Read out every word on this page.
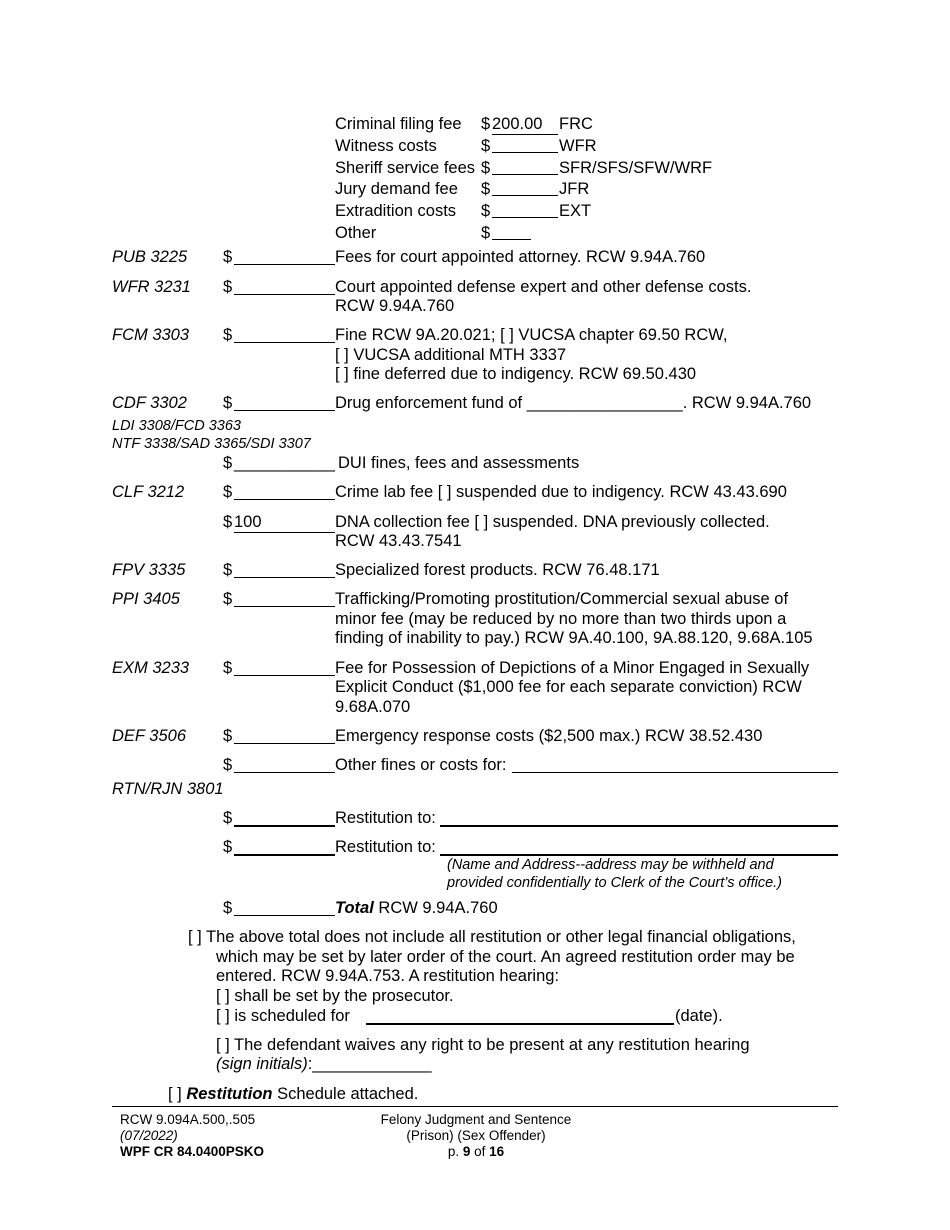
Criminal filing fee $ 200.00	FRC
Witness costs	$	WFR
Sheriff service fees $	SFR/SFS/SFW/WRF
Jury demand fee $	JFR
Extradition costs $	EXT
Other	$
PUB 3225 $	Fees for court appointed attorney. RCW 9.94A.760
WFR 3231 $	Court appointed defense expert and other defense costs.
RCW 9.94A.760
FCM 3303 $	Fine RCW 9A.20.021; [ ] VUCSA chapter 69.50 RCW,
[ ] VUCSA additional MTH 3337
[ ] fine deferred due to indigency. RCW 69.50.430
CDF 3302 $	Drug enforcement fund of _________________. RCW 9.94A.760
LDI 3308/FCD 3363
NTF 3338/SAD 3365/SDI 3307
$ ___________ DUI fines, fees and assessments
CLF 3212 $	Crime lab fee [ ] suspended due to indigency. RCW 43.43.690
$ 100	DNA collection fee [ ] suspended. DNA previously collected.
RCW 43.43.7541
FPV 3335 $	Specialized forest products. RCW 76.48.171
PPI 3405	$	Trafficking/Promoting prostitution/Commercial sexual abuse of
minor fee (may be reduced by no more than two thirds upon a
finding of inability to pay.) RCW 9A.40.100, 9A.88.120, 9.68A.105
EXM 3233 $	Fee for Possession of Depictions of a Minor Engaged in Sexually
Explicit Conduct ($1,000 fee for each separate conviction) RCW
9.68A.070
DEF 3506 $	Emergency response costs ($2,500 max.) RCW 38.52.430
$	Other fines or costs for:
RTN/RJN 3801
$	Restitution to:
$	Restitution to:
(Name and Address--address may be withheld and
provided confidentially to Clerk of the Court’s office.)
$	Total RCW 9.94A.760
[ ] The above total does not include all restitution or other legal financial obligations,
which may be set by later order of the court. An agreed restitution order may be
entered. RCW 9.94A.753. A restitution hearing:
[ ] shall be set by the prosecutor.
[ ] is scheduled for	(date).
[ ] The defendant waives any right to be present at any restitution hearing
(sign initials):_____________
[ ] Restitution Schedule attached.
RCW 9.094A.500,.505
(07/2022)
WPF CR 84.0400PSKO
Felony Judgment and Sentence
(Prison) (Sex Offender)
p. 9 of 16
